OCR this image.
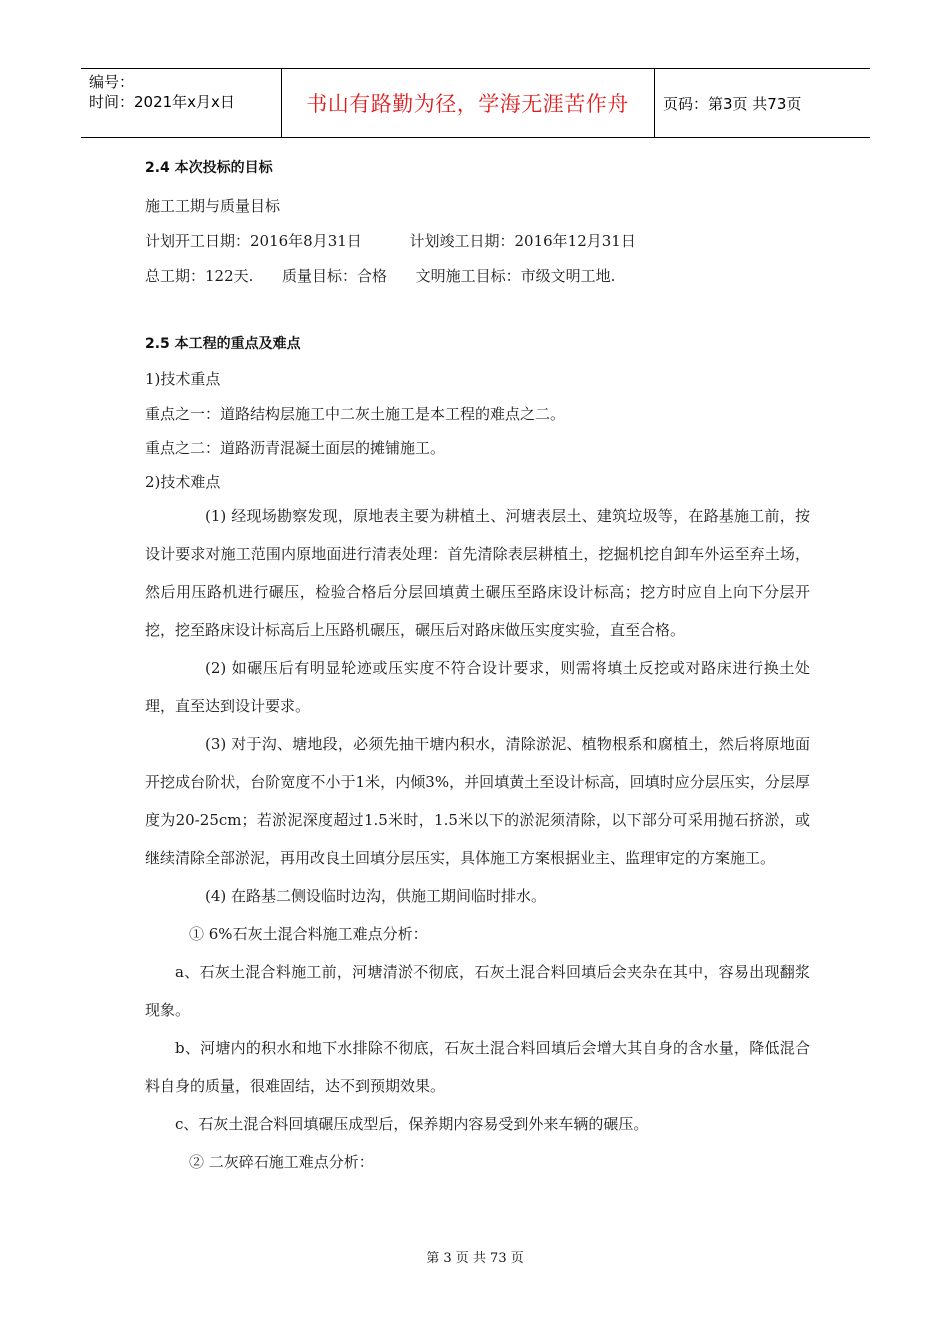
编号：
时间：2021年x月x日	书山有路勤为径，学海无涯苦作舟	页码：第3页 共73页
2.4 本次投标的目标
施工工期与质量目标
计划开工日期：2016年8月31日          计划竣工日期：2016年12月31日
总工期：122天.      质量目标：合格      文明施工目标：市级文明工地.
2.5 本工程的重点及难点
1)技术重点
重点之一：道路结构层施工中二灰土施工是本工程的难点之二。
重点之二：道路沥青混凝土面层的摊铺施工。
2)技术难点

(1) 经现场勘察发现，原地表主要为耕植土、河塘表层土、建筑垃圾等，在路基施工前，按设计要求对施工范围内原地面进行清表处理：首先清除表层耕植土，挖掘机挖自卸车外运至弃土场，然后用压路机进行碾压，检验合格后分层回填黄土碾压至路床设计标高；挖方时应自上向下分层开挖，挖至路床设计标高后上压路机碾压，碾压后对路床做压实度实验，直至合格。

(2) 如碾压后有明显轮迹或压实度不符合设计要求，则需将填土反挖或对路床进行换土处理，直至达到设计要求。

(3) 对于沟、塘地段，必须先抽干塘内积水，清除淤泥、植物根系和腐植土，然后将原地面开挖成台阶状，台阶宽度不小于1米，内倾3%，并回填黄土至设计标高，回填时应分层压实，分层厚度为20-25cm；若淤泥深度超过1.5米时，1.5米以下的淤泥须清除，以下部分可采用抛石挤淤，或继续清除全部淤泥，再用改良土回填分层压实，具体施工方案根据业主、监理审定的方案施工。

(4) 在路基二侧设临时边沟，供施工期间临时排水。

① 6%石灰土混合料施工难点分析：

a、石灰土混合料施工前，河塘清淤不彻底，石灰土混合料回填后会夹杂在其中，容易出现翻浆现象。

b、河塘内的积水和地下水排除不彻底，石灰土混合料回填后会增大其自身的含水量，降低混合料自身的质量，很难固结，达不到预期效果。

c、石灰土混合料回填碾压成型后，保养期内容易受到外来车辆的碾压。

② 二灰碎石施工难点分析：

第 3 页 共 73 页
